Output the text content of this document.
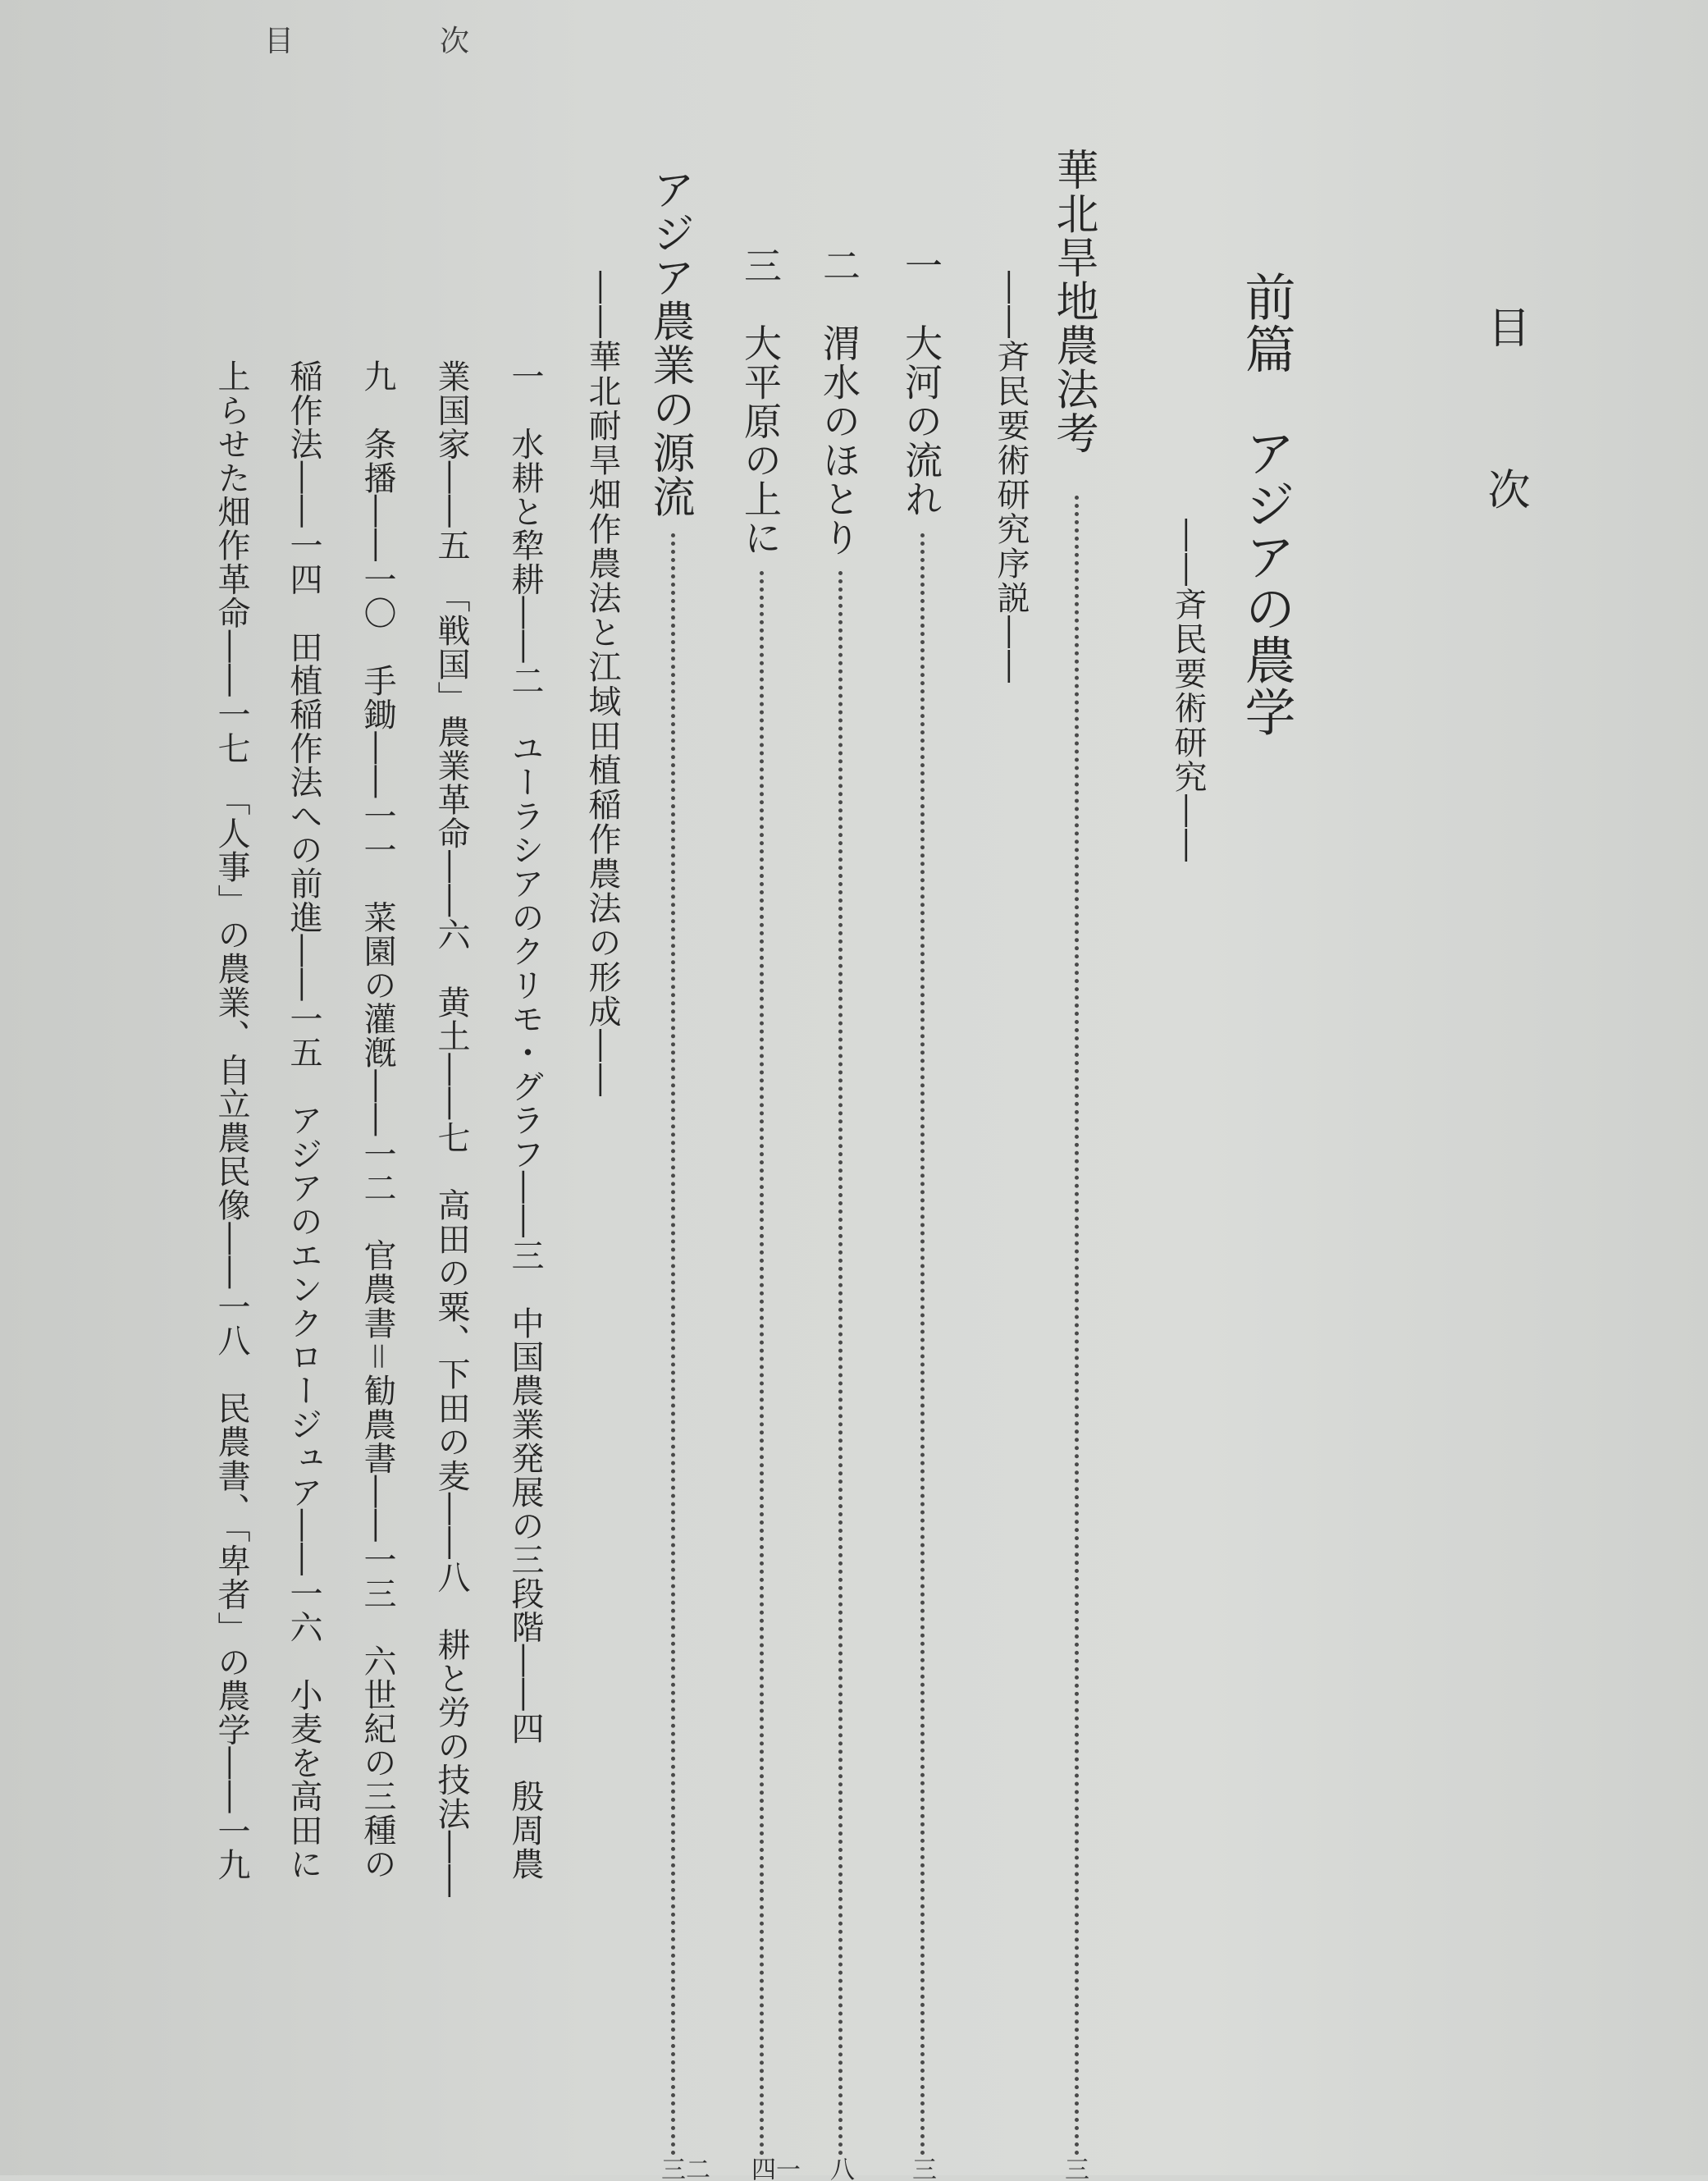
目	次
目　次
前篇　アジアの農学
――斉民要術研究――
華北旱地農法考
三
――斉民要術研究序説――
一　大河の流れ
三
二　渭水のほとり
八
三　大平原の上に
一四
アジア農業の源流
二三
――華北耐旱畑作農法と江域田植稲作農法の形成――
一　水耕と犂耕――二　ユーラシアのクリモ・グラフ――三　中国農業発展の三段階――四　殷周農
業国家――五　「戦国」農業革命――六　黄土――七　高田の粟、下田の麦――八　耕と労の技法――
九　条播――一〇　手鋤――一一　菜園の灌漑――一二　官農書＝勧農書――一三　六世紀の三種の
稲作法――一四　田植稲作法への前進――一五　アジアのエンクロージュア――一六　小麦を高田に
上らせた畑作革命――一七　「人事」の農業、自立農民像――一八　民農書、「卑者」の農学――一九
